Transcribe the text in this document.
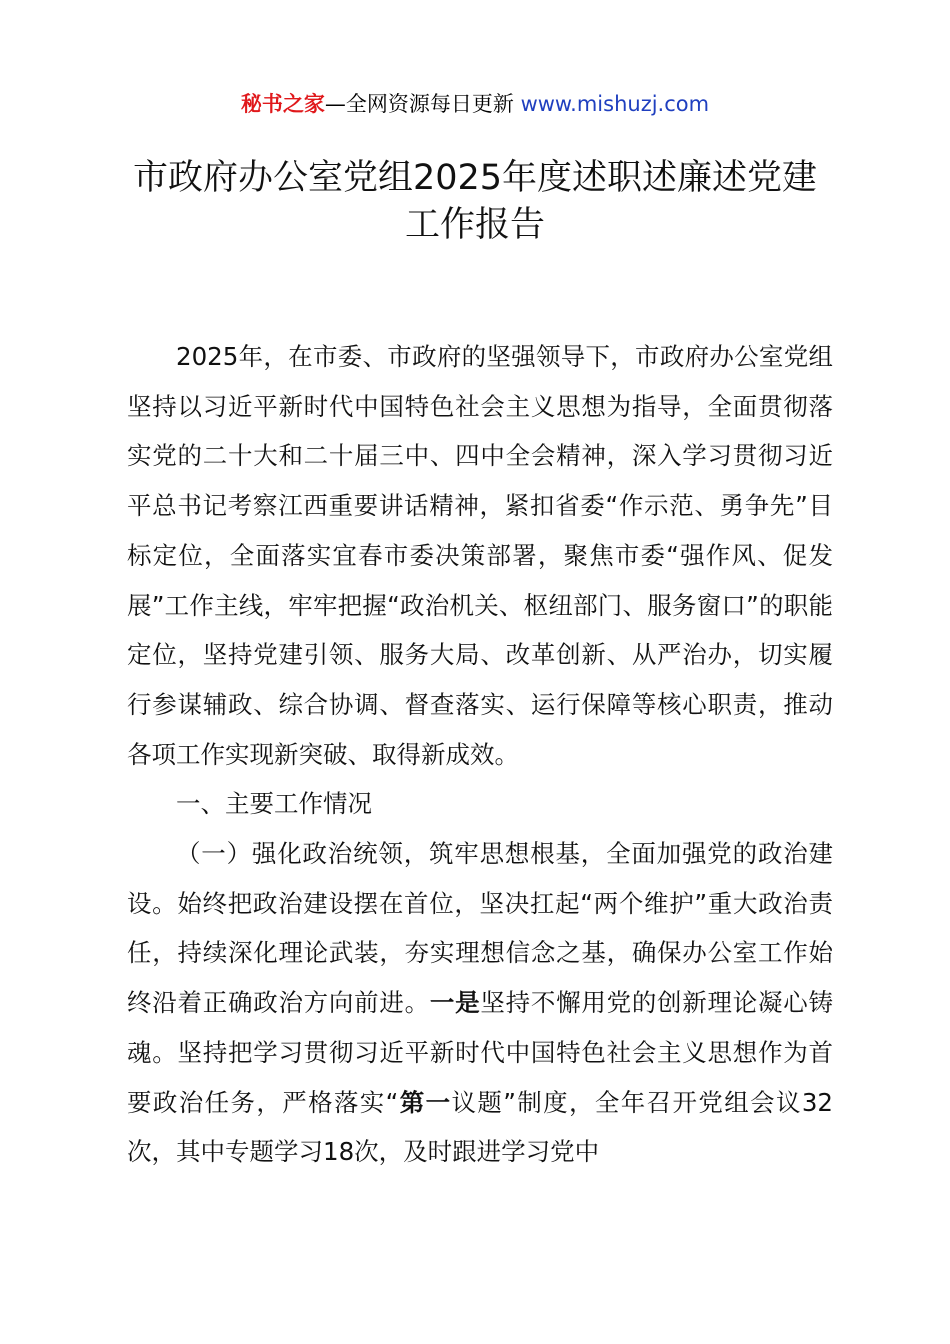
秘书之家—全网资源每日更新 www.mishuzj.com
市政府办公室党组2025年度述职述廉述党建
工作报告

2025年，在市委、市政府的坚强领导下，市政府办公室党组坚持以习近平新时代中国特色社会主义思想为指导，全面贯彻落实党的二十大和二十届三中、四中全会精神，深入学习贯彻习近平总书记考察江西重要讲话精神，紧扣省委“作示范、勇争先”目标定位，全面落实宜春市委决策部署，聚焦市委“强作风、促发展”工作主线，牢牢把握“政治机关、枢纽部门、服务窗口”的职能定位，坚持党建引领、服务大局、改革创新、从严治办，切实履行参谋辅政、综合协调、督查落实、运行保障等核心职责，推动各项工作实现新突破、取得新成效。

一、主要工作情况

（一）强化政治统领，筑牢思想根基，全面加强党的政治建设。始终把政治建设摆在首位，坚决扛起“两个维护”重大政治责任，持续深化理论武装，夯实理想信念之基，确保办公室工作始终沿着正确政治方向前进。一是坚持不懈用党的创新理论凝心铸魂。坚持把学习贯彻习近平新时代中国特色社会主义思想作为首要政治任务，严格落实“第一议题”制度，全年召开党组会议32次，其中专题学习18次，及时跟进学习党中
